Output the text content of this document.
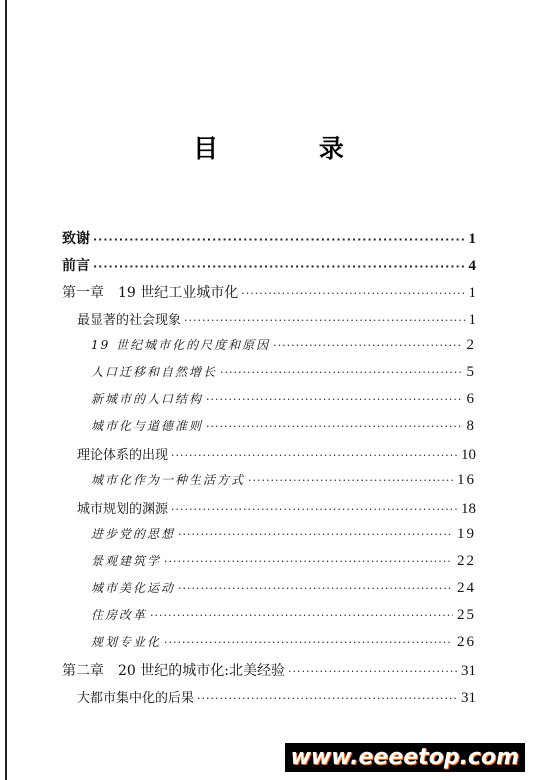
目 录
致谢 ·····	1
前言 ·····	4
第一章　19 世纪工业城市化 ·····	1
最显著的社会现象 ·····	1
19 世纪城市化的尺度和原因 ·····	2
人口迁移和自然增长 ·····	5
新城市的人口结构 ·····	6
城市化与道德准则 ·····	8
理论体系的出现 ·····	10
城市化作为一种生活方式 ·····	16
城市规划的渊源 ·····	18
进步党的思想 ·····	19
景观建筑学 ·····	22
城市美化运动 ·····	24
住房改革 ·····	25
规划专业化 ·····	26
第二章　20 世纪的城市化:北美经验 ·····	31
大都市集中化的后果 ·····	31
www.eeeetop.com
